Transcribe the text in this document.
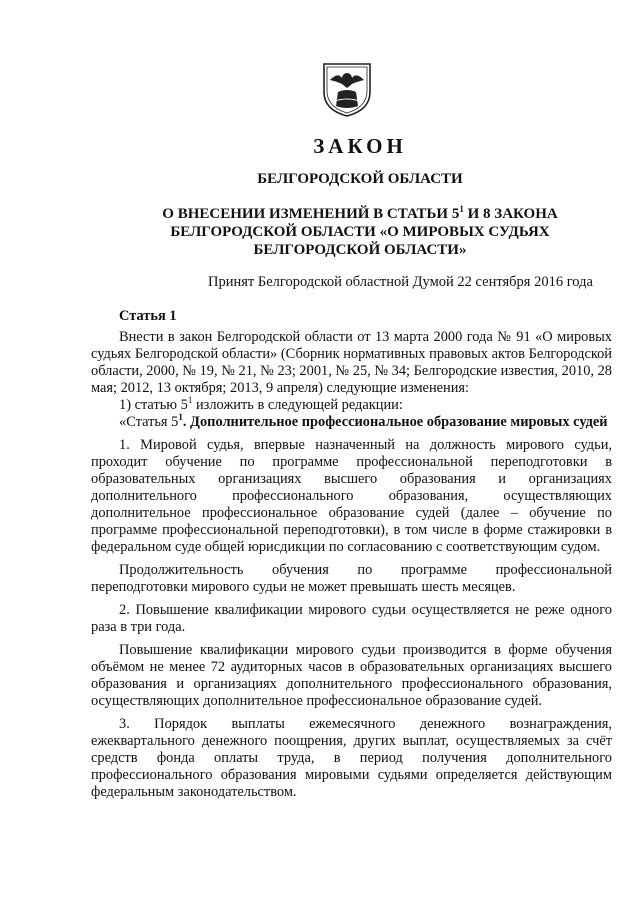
ЗАКОН
БЕЛГОРОДСКОЙ ОБЛАСТИ
О ВНЕСЕНИИ ИЗМЕНЕНИЙ В СТАТЬИ $5^1$ И 8 ЗАКОНА
БЕЛГОРОДСКОЙ ОБЛАСТИ «О МИРОВЫХ СУДЬЯХ
БЕЛГОРОДСКОЙ ОБЛАСТИ»
Принят Белгородской областной Думой 22 сентября 2016 года
Статья 1

Внести в закон Белгородской области от 13 марта 2000 года № 91 «О мировых судьях Белгородской области» (Сборник нормативных правовых актов Белгородской области, 2000, № 19, № 21, № 23; 2001, № 25, № 34; Белгородские известия, 2010, 28 мая; 2012, 13 октября; 2013, 9 апреля) следующие изменения:

1) статью $5^1$ изложить в следующей редакции:

«Статья $5^1$. Дополнительное профессиональное образование мировых судей

1. Мировой судья, впервые назначенный на должность мирового судьи, проходит обучение по программе профессиональной переподготовки в образовательных организациях высшего образования и организациях дополнительного профессионального образования, осуществляющих дополнительное профессиональное образование судей (далее – обучение по программе профессиональной переподготовки), в том числе в форме стажировки в федеральном суде общей юрисдикции по согласованию с соответствующим судом.

Продолжительность обучения по программе профессиональной переподготовки мирового судьи не может превышать шесть месяцев.

2. Повышение квалификации мирового судьи осуществляется не реже одного раза в три года.

Повышение квалификации мирового судьи производится в форме обучения объёмом не менее 72 аудиторных часов в образовательных организациях высшего образования и организациях дополнительного профессионального образования, осуществляющих дополнительное профессиональное образование судей.

3. Порядок выплаты ежемесячного денежного вознаграждения, ежеквартального денежного поощрения, других выплат, осуществляемых за счёт средств фонда оплаты труда, в период получения дополнительного профессионального образования мировыми судьями определяется действующим федеральным законодательством.
